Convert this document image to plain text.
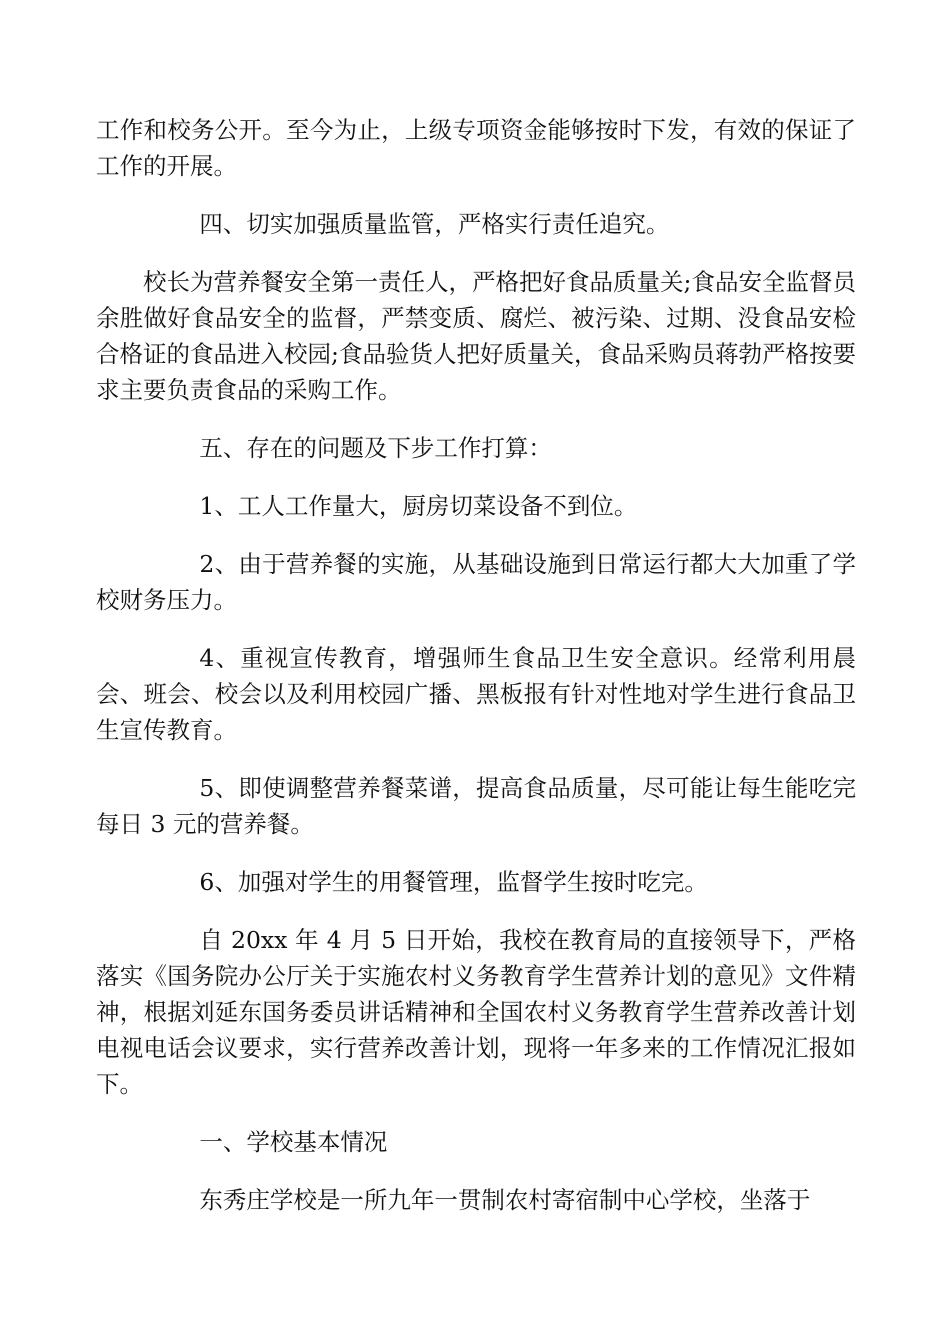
工作和校务公开。至今为止，上级专项资金能够按时下发，有效的保证了工作的开展。

四、切实加强质量监管，严格实行责任追究。

校长为营养餐安全第一责任人，严格把好食品质量关;食品安全监督员余胜做好食品安全的监督，严禁变质、腐烂、被污染、过期、没食品安检合格证的食品进入校园;食品验货人把好质量关，食品采购员蒋勃严格按要求主要负责食品的采购工作。

五、存在的问题及下步工作打算：

1、工人工作量大，厨房切菜设备不到位。

2、由于营养餐的实施，从基础设施到日常运行都大大加重了学校财务压力。

4、重视宣传教育，增强师生食品卫生安全意识。经常利用晨会、班会、校会以及利用校园广播、黑板报有针对性地对学生进行食品卫生宣传教育。

5、即使调整营养餐菜谱，提高食品质量，尽可能让每生能吃完每日 3 元的营养餐。

6、加强对学生的用餐管理，监督学生按时吃完。

自 20xx 年 4 月 5 日开始，我校在教育局的直接领导下，严格落实《国务院办公厅关于实施农村义务教育学生营养计划的意见》文件精神，根据刘延东国务委员讲话精神和全国农村义务教育学生营养改善计划电视电话会议要求，实行营养改善计划，现将一年多来的工作情况汇报如下。

一、学校基本情况

东秀庄学校是一所九年一贯制农村寄宿制中心学校，坐落于
